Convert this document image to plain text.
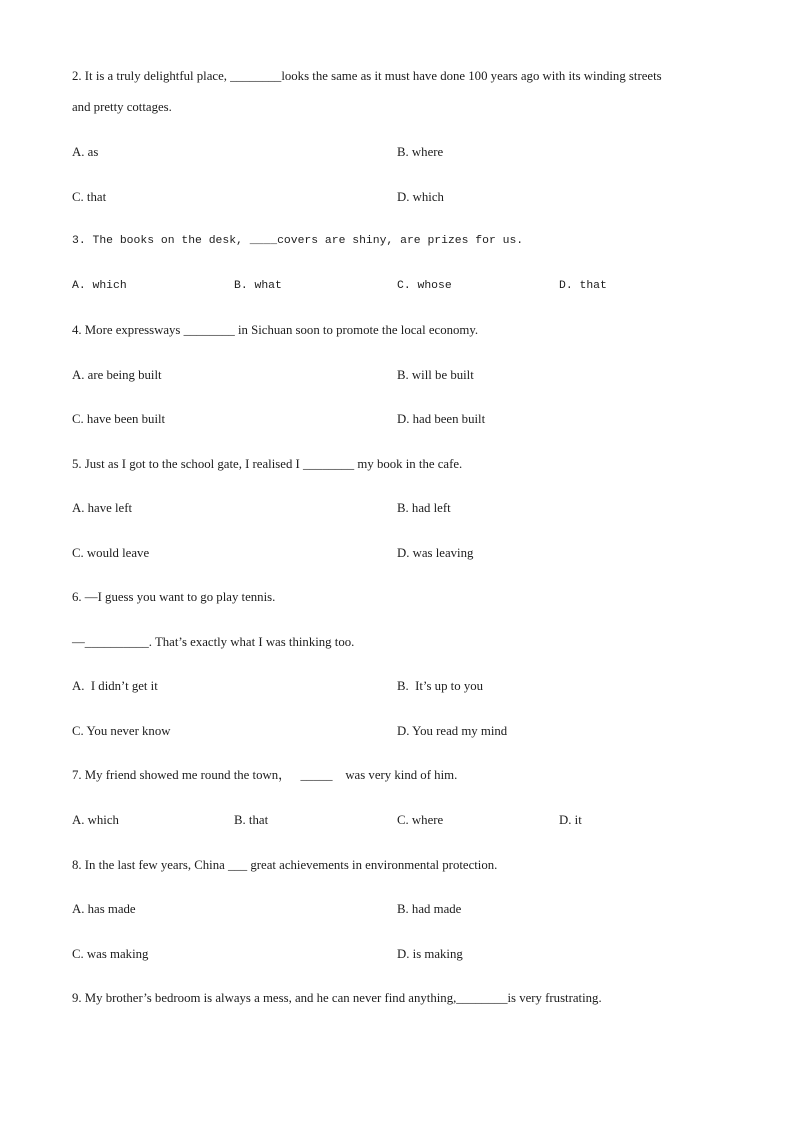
2. It is a truly delightful place, ________looks the same as it must have done 100 years ago with its winding streets
and pretty cottages.
A. as	B. where
C. that	D. which
3. The books on the desk, ____covers are shiny, are prizes for us.
A. which	B. what	C. whose	D. that
4. More expressways ________ in Sichuan soon to promote the local economy.
A. are being built	B. will be built
C. have been built	D. had been built
5. Just as I got to the school gate, I realised I ________ my book in the cafe.
A. have left	B. had left
C. would leave	D. was leaving
6. —I guess you want to go play tennis.
—__________. That’s exactly what I was thinking too.
A.  I didn’t get it	B.  It’s up to you
C. You never know	D. You read my mind
7. My friend showed me round the town，   _____    was very kind of him.
A. which	B. that	C. where	D. it
8. In the last few years, China ___ great achievements in environmental protection.
A. has made	B. had made
C. was making	D. is making
9. My brother’s bedroom is always a mess, and he can never find anything,________is very frustrating.
